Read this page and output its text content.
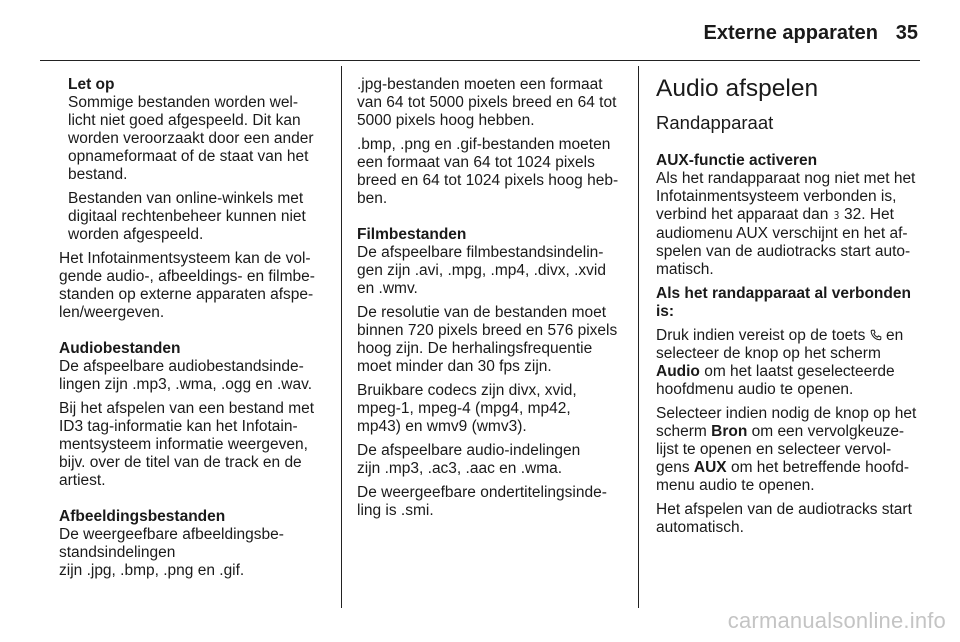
Externe apparaten 35
Let op

Sommige bestanden worden wel-
licht niet goed afgespeeld. Dit kan
worden veroorzaakt door een ander
opnameformaat of de staat van het
bestand.

Bestanden van online-winkels met
digitaal rechtenbeheer kunnen niet
worden afgespeeld.

Het Infotainmentsysteem kan de vol-
gende audio-, afbeeldings- en filmbe-
standen op externe apparaten afspe-
len/weergeven.

Audiobestanden

De afspeelbare audiobestandsinde-
lingen zijn .mp3, .wma, .ogg en .wav.

Bij het afspelen van een bestand met
ID3 tag-informatie kan het Infotain-
mentsysteem informatie weergeven,
bijv. over de titel van de track en de
artiest.

Afbeeldingsbestanden

De weergeefbare afbeeldingsbe-
standsindelingen
zijn .jpg, .bmp, .png en .gif.

.jpg-bestanden moeten een formaat
van 64 tot 5000 pixels breed en 64 tot
5000 pixels hoog hebben.

.bmp, .png en .gif-bestanden moeten
een formaat van 64 tot 1024 pixels
breed en 64 tot 1024 pixels hoog heb-
ben.

Filmbestanden

De afspeelbare filmbestandsindelin-
gen zijn .avi, .mpg, .mp4, .divx, .xvid
en .wmv.

De resolutie van de bestanden moet
binnen 720 pixels breed en 576 pixels
hoog zijn. De herhalingsfrequentie
moet minder dan 30 fps zijn.

Bruikbare codecs zijn divx, xvid,
mpeg-1, mpeg-4 (mpg4, mp42,
mp43) en wmv9 (wmv3).

De afspeelbare audio-indelingen
zijn .mp3, .ac3, .aac en .wma.

De weergeefbare ondertitelingsinde-
ling is .smi.

Audio afspelen
Randapparaat
AUX-functie activeren

Als het randapparaat nog niet met het
Infotainmentsysteem verbonden is,
verbind het apparaat dan 3 32. Het
audiomenu AUX verschijnt en het af-
spelen van de audiotracks start auto-
matisch.

Als het randapparaat al verbonden is:

Druk indien vereist op de toets  en
selecteer de knop op het scherm
Audio om het laatst geselecteerde
hoofdmenu audio te openen.

Selecteer indien nodig de knop op het
scherm Bron om een vervolgkeuze-
lijst te openen en selecteer vervol-
gens AUX om het betreffende hoofd-
menu audio te openen.

Het afspelen van de audiotracks start
automatisch.

carmanualsonline.info
